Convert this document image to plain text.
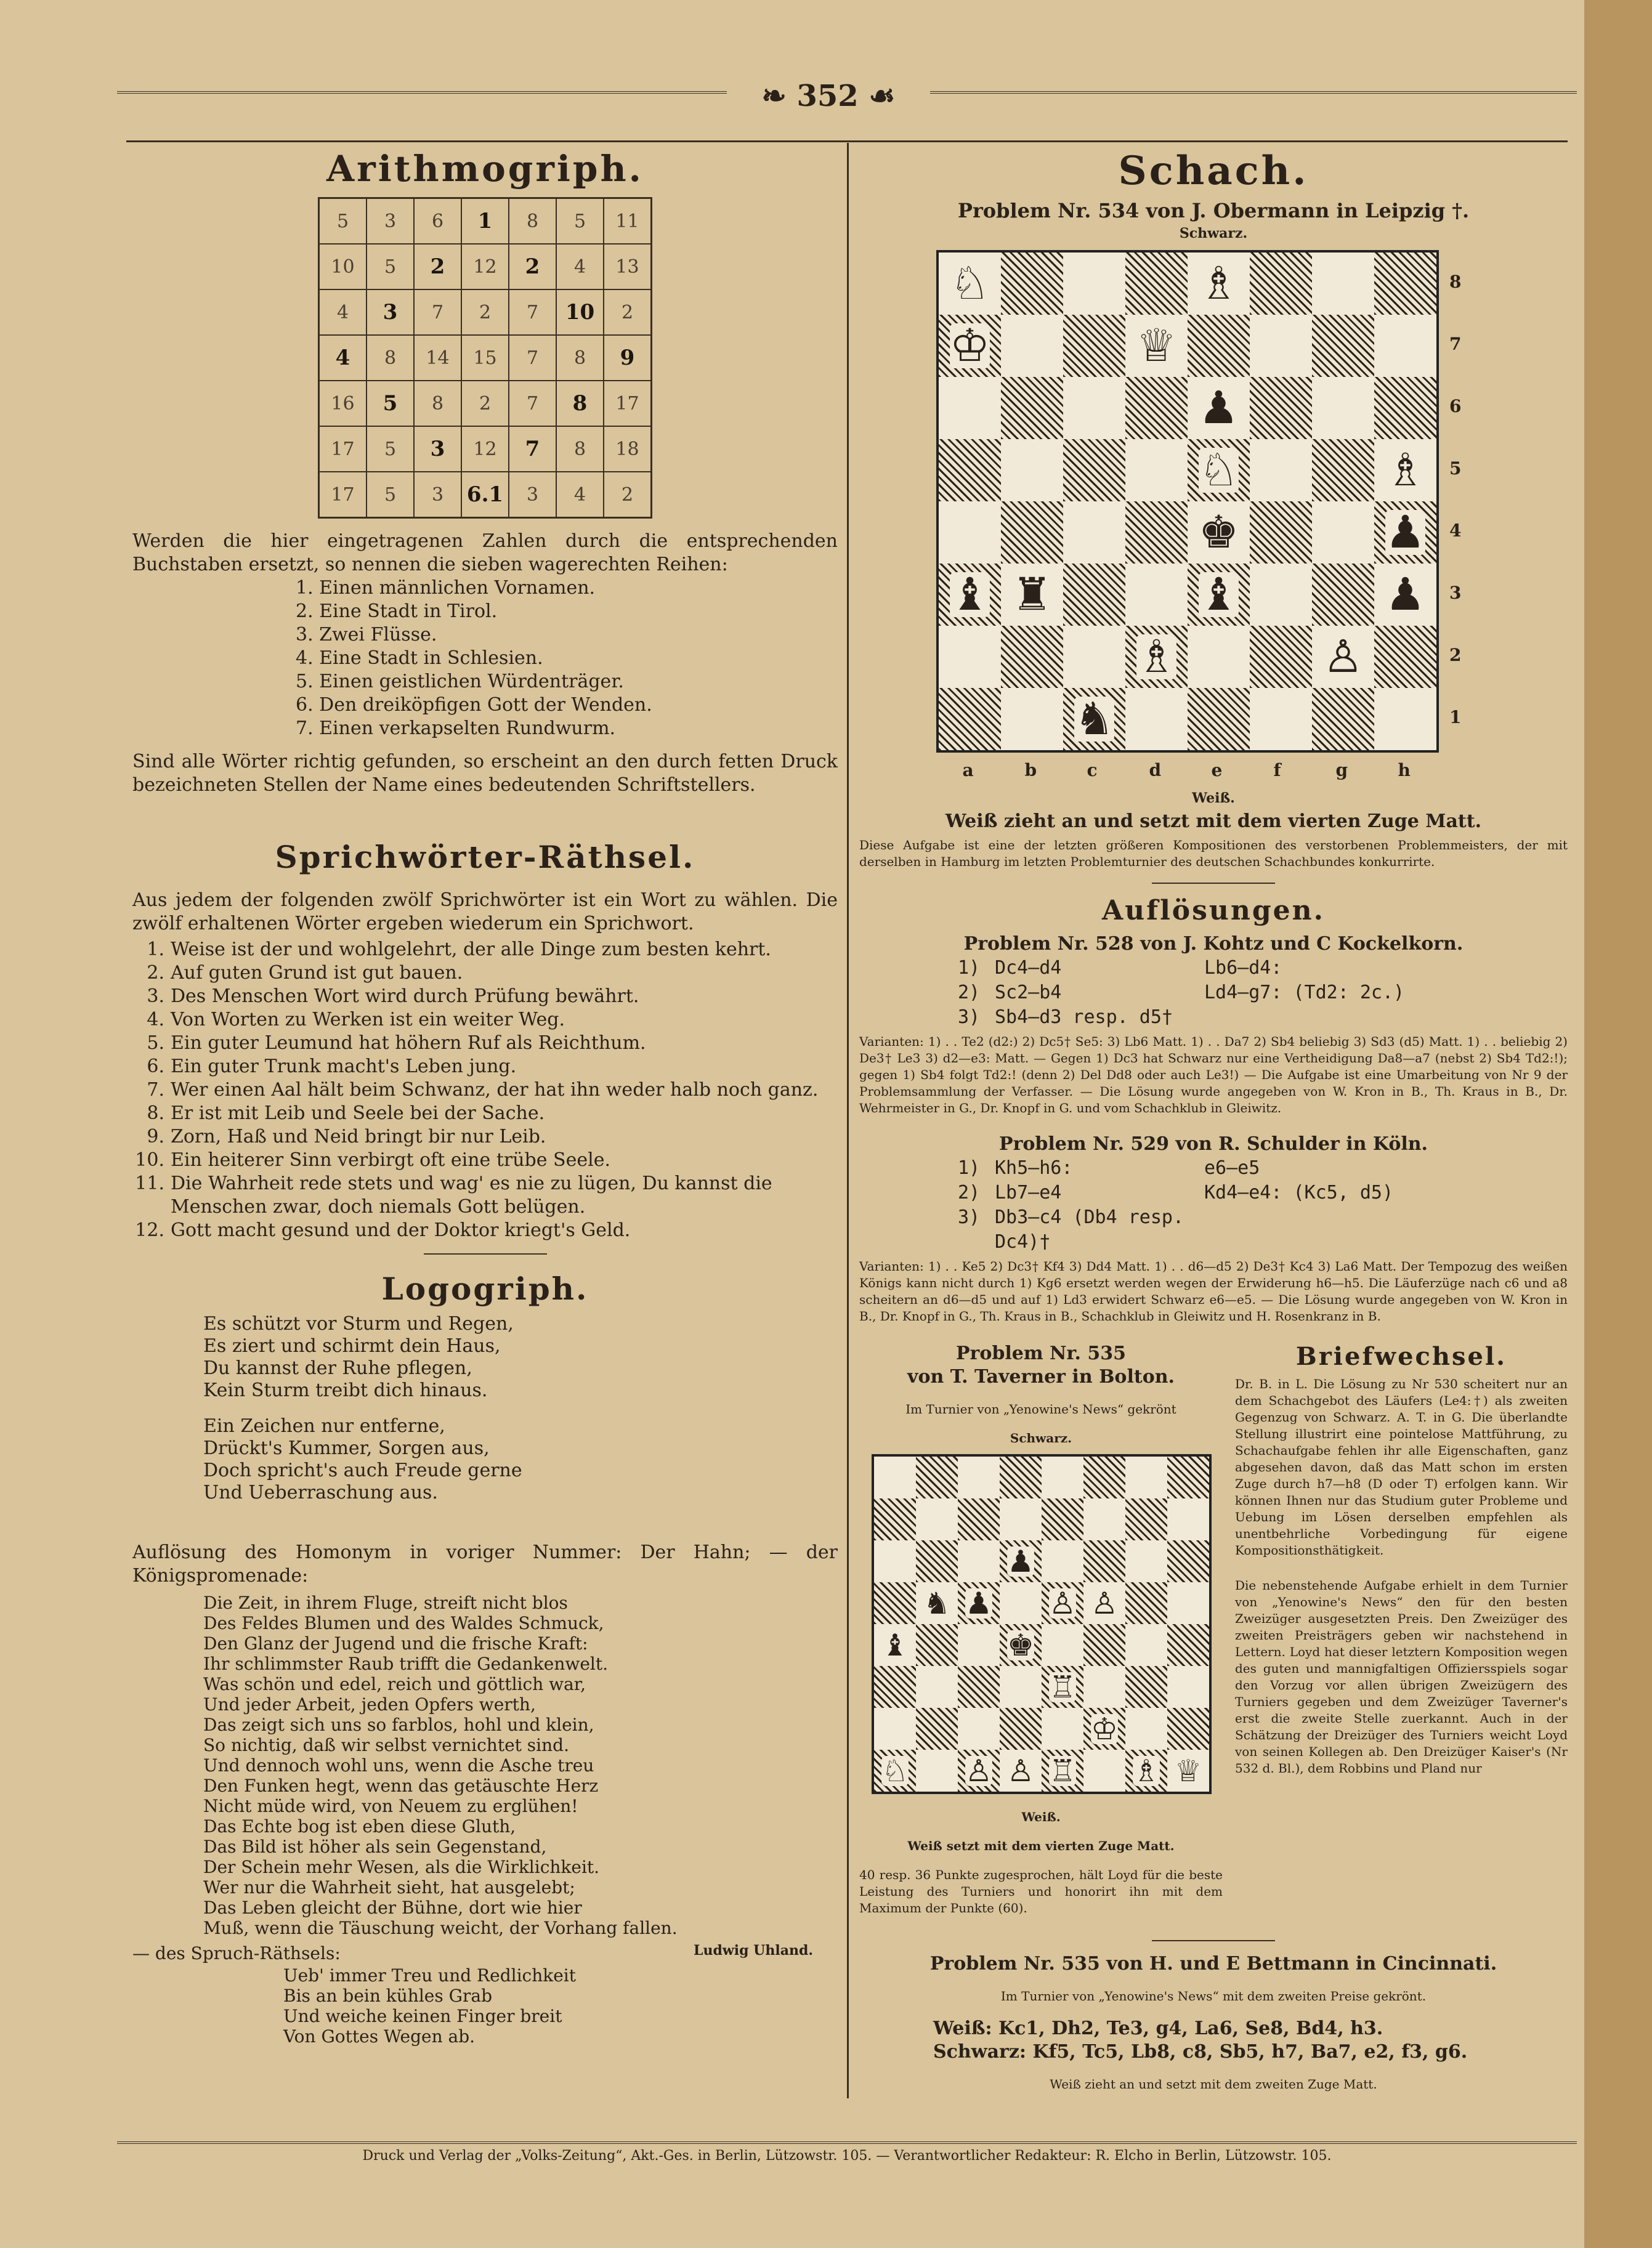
❧ 352 ☙
Arithmogriph.
5	3	6	1	8	5	11
10	5	2	12	2	4	13
4	3	7	2	7	10	2
4	8	14	15	7	8	9
16	5	8	2	7	8	17
17	5	3	12	7	8	18
17	5	3	6.1	3	4	2

Werden die hier eingetragenen Zahlen durch die entsprechenden Buchstaben ersetzt, so nennen die sieben wagerechten Reihen:

1. Einen männlichen Vornamen.
2. Eine Stadt in Tirol.
3. Zwei Flüsse.
4. Eine Stadt in Schlesien.
5. Einen geistlichen Würdenträger.
6. Den dreiköpfigen Gott der Wenden.
7. Einen verkapselten Rundwurm.

Sind alle Wörter richtig gefunden, so erscheint an den durch fetten Druck bezeichneten Stellen der Name eines bedeutenden Schriftstellers.

Sprichwörter-Räthsel.

Aus jedem der folgenden zwölf Sprichwörter ist ein Wort zu wählen. Die zwölf erhaltenen Wörter ergeben wiederum ein Sprichwort.

1. Weise ist der und wohlgelehrt, der alle Dinge zum besten kehrt.
2. Auf guten Grund ist gut bauen.
3. Des Menschen Wort wird durch Prüfung bewährt.
4. Von Worten zu Werken ist ein weiter Weg.
5. Ein guter Leumund hat höhern Ruf als Reichthum.
6. Ein guter Trunk macht's Leben jung.
7. Wer einen Aal hält beim Schwanz, der hat ihn weder halb noch ganz.
8. Er ist mit Leib und Seele bei der Sache.
9. Zorn, Haß und Neid bringt bir nur Leib.
10. Ein heiterer Sinn verbirgt oft eine trübe Seele.
11. Die Wahrheit rede stets und wag' es nie zu lügen, Du kannst die Menschen zwar, doch niemals Gott belügen.
12. Gott macht gesund und der Doktor kriegt's Geld.
Logogriph.
Es schützt vor Sturm und Regen,
Es ziert und schirmt dein Haus,
Du kannst der Ruhe pflegen,
Kein Sturm treibt dich hinaus.
Ein Zeichen nur entferne,
Drückt's Kummer, Sorgen aus,
Doch spricht's auch Freude gerne
Und Ueberraschung aus.

Auflösung des Homonym in voriger Nummer: Der Hahn; — der Königspromenade:

Die Zeit, in ihrem Fluge, streift nicht blos
Des Feldes Blumen und des Waldes Schmuck,
Den Glanz der Jugend und die frische Kraft:
Ihr schlimmster Raub trifft die Gedankenwelt.
Was schön und edel, reich und göttlich war,
Und jeder Arbeit, jeden Opfers werth,
Das zeigt sich uns so farblos, hohl und klein,
So nichtig, daß wir selbst vernichtet sind.
Und dennoch wohl uns, wenn die Asche treu
Den Funken hegt, wenn das getäuschte Herz
Nicht müde wird, von Neuem zu erglühen!
Das Echte bog ist eben diese Gluth,
Das Bild ist höher als sein Gegenstand,
Der Schein mehr Wesen, als die Wirklichkeit.
Wer nur die Wahrheit sieht, hat ausgelebt;
Das Leben gleicht der Bühne, dort wie hier
Muß, wenn die Täuschung weicht, der Vorhang fallen.
— des Spruch-Räthsels:	Ludwig Uhland.
Ueb' immer Treu und Redlichkeit
Bis an bein kühles Grab
Und weiche keinen Finger breit
Von Gottes Wegen ab.
Schach.

Problem Nr. 534 von J. Obermann in Leipzig †.

Schwarz.

♘	♗
♔	♕
♟
♘	♗
♚	♟
♝ ♜	♝	♟
♗	♙
♞
8
7
6
5
4
3
2
1
a	b	c	d	e	f	g	h

Weiß.

Weiß zieht an und setzt mit dem vierten Zuge Matt.

Diese Aufgabe ist eine der letzten größeren Kompositionen des verstorbenen Problemmeisters, der mit derselben in Hamburg im letzten Problemturnier des deutschen Schachbundes konkurrirte.

Auflösungen.

Problem Nr. 528 von J. Kohtz und C Kockelkorn.

1) Dc4—d4	Lb6—d4:
2) Sc2—b4	Ld4—g7: (Td2: 2c.)
3) Sb4—d3 resp. d5†

Varianten: 1) . . Te2 (d2:) 2) Dc5† Se5: 3) Lb6 Matt. 1) . . Da7 2) Sb4 beliebig 3) Sd3 (d5) Matt. 1) . . beliebig 2) De3† Le3 3) d2—e3: Matt. — Gegen 1) Dc3 hat Schwarz nur eine Vertheidigung Da8—a7 (nebst 2) Sb4 Td2:!); gegen 1) Sb4 folgt Td2:! (denn 2) Del Dd8 oder auch Le3!) — Die Aufgabe ist eine Umarbeitung von Nr 9 der Problemsammlung der Verfasser. — Die Lösung wurde angegeben von W. Kron in B., Th. Kraus in B., Dr. Wehrmeister in G., Dr. Knopf in G. und vom Schachklub in Gleiwitz.

Problem Nr. 529 von R. Schulder in Köln.

1) Kh5—h6:	e6—e5
2) Lb7—e4	Kd4—e4: (Kc5, d5)
3) Db3—c4 (Db4 resp. Dc4)†

Varianten: 1) . . Ke5 2) Dc3† Kf4 3) Dd4 Matt. 1) . . d6—d5 2) De3† Kc4 3) La6 Matt. Der Tempozug des weißen Königs kann nicht durch 1) Kg6 ersetzt werden wegen der Erwiderung h6—h5. Die Läuferzüge nach c6 und a8 scheitern an d6—d5 und auf 1) Ld3 erwidert Schwarz e6—e5. — Die Lösung wurde angegeben von W. Kron in B., Dr. Knopf in G., Th. Kraus in B., Schachklub in Gleiwitz und H. Rosenkranz in B.

Problem Nr. 535

von T. Taverner in Bolton.

Im Turnier von „Yenowine's News“ gekrönt

Schwarz.

♟
♞ ♟ ♙ ♙
♝	♚
♖
♔
♘ ♙ ♙	♕
♖ ♗

Weiß.

Weiß setzt mit dem vierten Zuge Matt.

40 resp. 36 Punkte zugesprochen, hält Loyd für die beste Leistung des Turniers und honorirt ihn mit dem Maximum der Punkte (60).

Briefwechsel.

Dr. B. in L. Die Lösung zu Nr 530 scheitert nur an dem Schachgebot des Läufers (Le4:†) als zweiten Gegenzug von Schwarz. A. T. in G. Die überlandte Stellung illustrirt eine pointelose Mattführung, zu Schachaufgabe fehlen ihr alle Eigenschaften, ganz abgesehen davon, daß das Matt schon im ersten Zuge durch h7—h8 (D oder T) erfolgen kann. Wir können Ihnen nur das Studium guter Probleme und Uebung im Lösen derselben empfehlen als unentbehrliche Vorbedingung für eigene Kompositionsthätigkeit.

Die nebenstehende Aufgabe erhielt in dem Turnier von „Yenowine's News“ den für den besten Zweizüger ausgesetzten Preis. Den Zweizüger des zweiten Preisträgers geben wir nachstehend in Lettern. Loyd hat dieser letztern Komposition wegen des guten und mannigfaltigen Offiziersspiels sogar den Vorzug vor allen übrigen Zweizügern des Turniers gegeben und dem Zweizüger Taverner's erst die zweite Stelle zuerkannt. Auch in der Schätzung der Dreizüger des Turniers weicht Loyd von seinen Kollegen ab. Den Dreizüger Kaiser's (Nr 532 d. Bl.), dem Robbins und Pland nur

Problem Nr. 535 von H. und E Bettmann in Cincinnati.

Im Turnier von „Yenowine's News“ mit dem zweiten Preise gekrönt.

Weiß: Kc1, Dh2, Te3, g4, La6, Se8, Bd4, h3.

Schwarz: Kf5, Tc5, Lb8, c8, Sb5, h7, Ba7, e2, f3, g6.

Weiß zieht an und setzt mit dem zweiten Zuge Matt.

Druck und Verlag der „Volks-Zeitung“, Akt.-Ges. in Berlin, Lützowstr. 105. — Verantwortlicher Redakteur: R. Elcho in Berlin, Lützowstr. 105.
